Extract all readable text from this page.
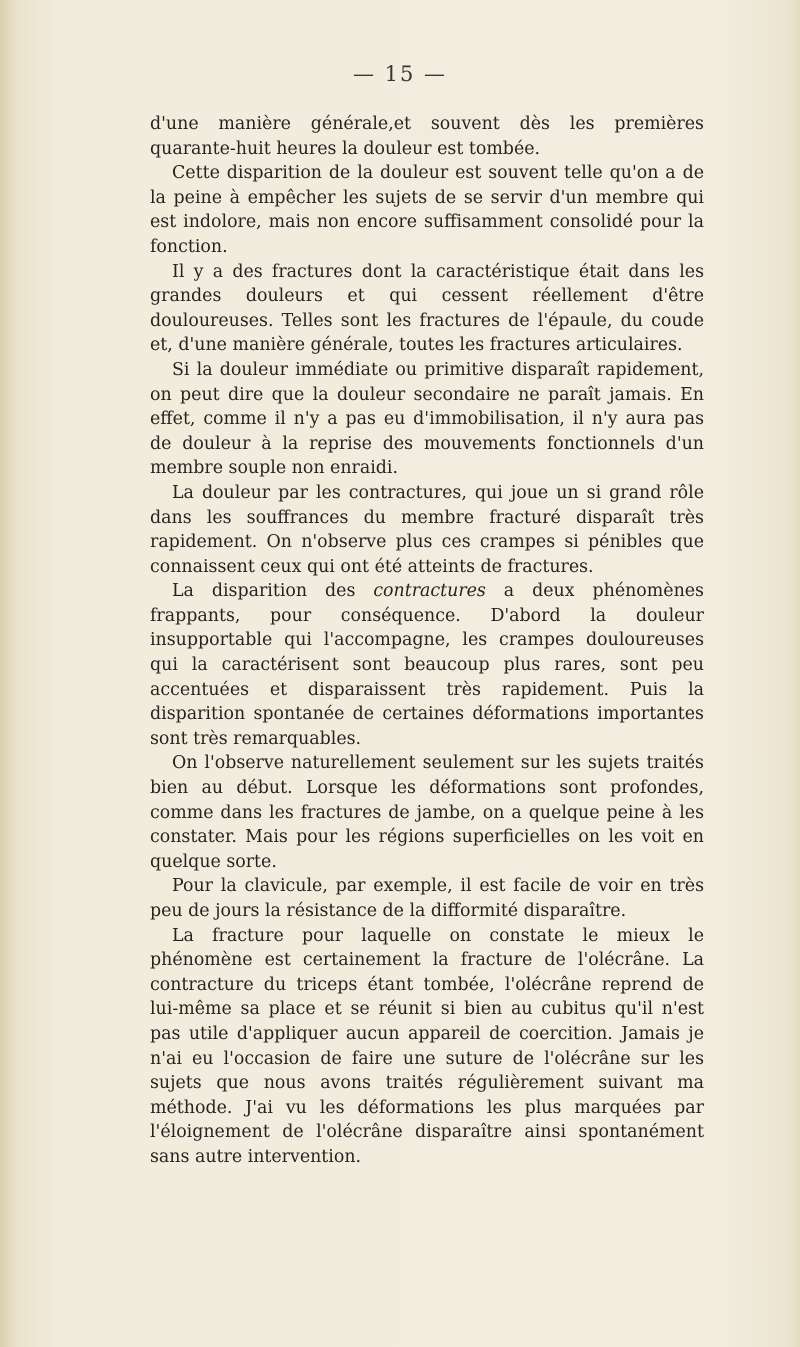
— 15 —

d'une manière générale,et souvent dès les premières quarante-huit heures la douleur est tombée.

Cette disparition de la douleur est souvent telle qu'on a de la peine à empêcher les sujets de se servir d'un membre qui est indolore, mais non encore suffisamment consolidé pour la fonction.

Il y a des fractures dont la caractéristique était dans les grandes douleurs et qui cessent réellement d'être douloureuses. Telles sont les fractures de l'épaule, du coude et, d'une manière générale, toutes les fractures articulaires.

Si la douleur immédiate ou primitive disparaît rapidement, on peut dire que la douleur secondaire ne paraît jamais. En effet, comme il n'y a pas eu d'immobilisation, il n'y aura pas de douleur à la reprise des mouvements fonctionnels d'un membre souple non enraidi.

La douleur par les contractures, qui joue un si grand rôle dans les souffrances du membre fracturé disparaît très rapidement. On n'observe plus ces crampes si pénibles que connaissent ceux qui ont été atteints de fractures.

La disparition des contractures a deux phénomènes frappants, pour conséquence. D'abord la douleur insupportable qui l'accompagne, les crampes douloureuses qui la caractérisent sont beaucoup plus rares, sont peu accentuées et disparaissent très rapidement. Puis la disparition spontanée de certaines déformations importantes sont très remarquables.

On l'observe naturellement seulement sur les sujets traités bien au début. Lorsque les déformations sont profondes, comme dans les fractures de jambe, on a quelque peine à les constater. Mais pour les régions superficielles on les voit en quelque sorte.

Pour la clavicule, par exemple, il est facile de voir en très peu de jours la résistance de la difformité disparaître.

La fracture pour laquelle on constate le mieux le phénomène est certainement la fracture de l'olécrâne. La contracture du triceps étant tombée, l'olécrâne reprend de lui-même sa place et se réunit si bien au cubitus qu'il n'est pas utile d'appliquer aucun appareil de coercition. Jamais je n'ai eu l'occasion de faire une suture de l'olécrâne sur les sujets que nous avons traités régulièrement suivant ma méthode. J'ai vu les déformations les plus marquées par l'éloignement de l'olécrâne disparaître ainsi spontanément sans autre intervention.
